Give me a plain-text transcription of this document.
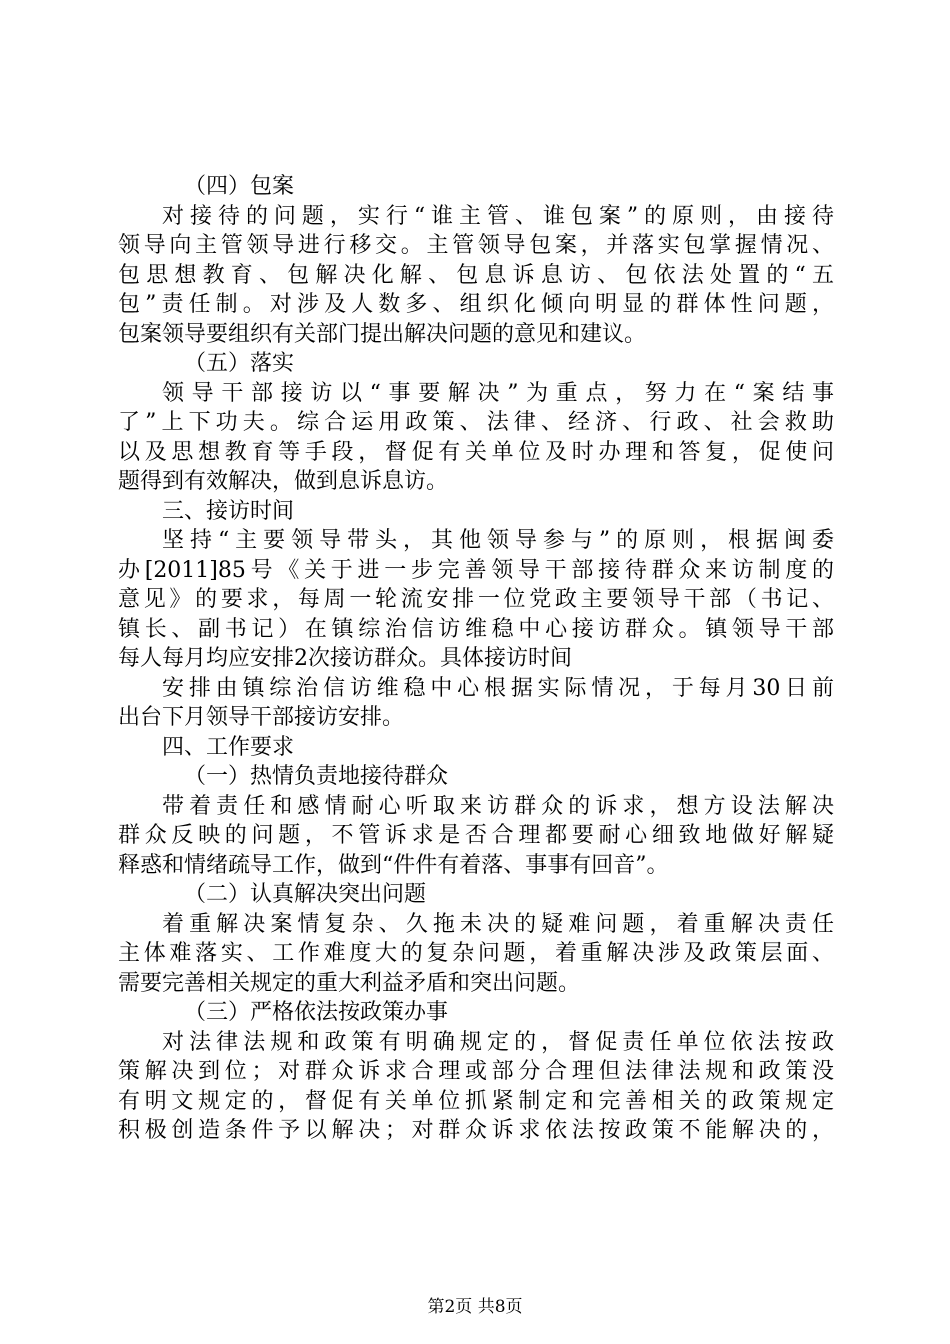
（四）包案
对接待的问题，实行“谁主管、谁包案”的原则，由接待
领导向主管领导进行移交。主管领导包案，并落实包掌握情况、
包思想教育、包解决化解、包息诉息访、包依法处置的“五
包”责任制。对涉及人数多、组织化倾向明显的群体性问题，
包案领导要组织有关部门提出解决问题的意见和建议。
（五）落实
领导干部接访以“事要解决”为重点，努力在“案结事
了”上下功夫。综合运用政策、法律、经济、行政、社会救助
以及思想教育等手段，督促有关单位及时办理和答复，促使问
题得到有效解决，做到息诉息访。
三、接访时间
坚持“主要领导带头，其他领导参与”的原则，根据闽委
办[2011]85号《关于进一步完善领导干部接待群众来访制度的
意见》的要求，每周一轮流安排一位党政主要领导干部（书记、
镇长、副书记）在镇综治信访维稳中心接访群众。镇领导干部
每人每月均应安排2次接访群众。具体接访时间
安排由镇综治信访维稳中心根据实际情况，于每月30日前
出台下月领导干部接访安排。
四、工作要求
（一）热情负责地接待群众
带着责任和感情耐心听取来访群众的诉求，想方设法解决
群众反映的问题，不管诉求是否合理都要耐心细致地做好解疑
释惑和情绪疏导工作，做到“件件有着落、事事有回音”。
（二）认真解决突出问题
着重解决案情复杂、久拖未决的疑难问题，着重解决责任
主体难落实、工作难度大的复杂问题，着重解决涉及政策层面、
需要完善相关规定的重大利益矛盾和突出问题。
（三）严格依法按政策办事
对法律法规和政策有明确规定的，督促责任单位依法按政
策解决到位；对群众诉求合理或部分合理但法律法规和政策没
有明文规定的，督促有关单位抓紧制定和完善相关的政策规定
积极创造条件予以解决；对群众诉求依法按政策不能解决的，
第2页 共8页
